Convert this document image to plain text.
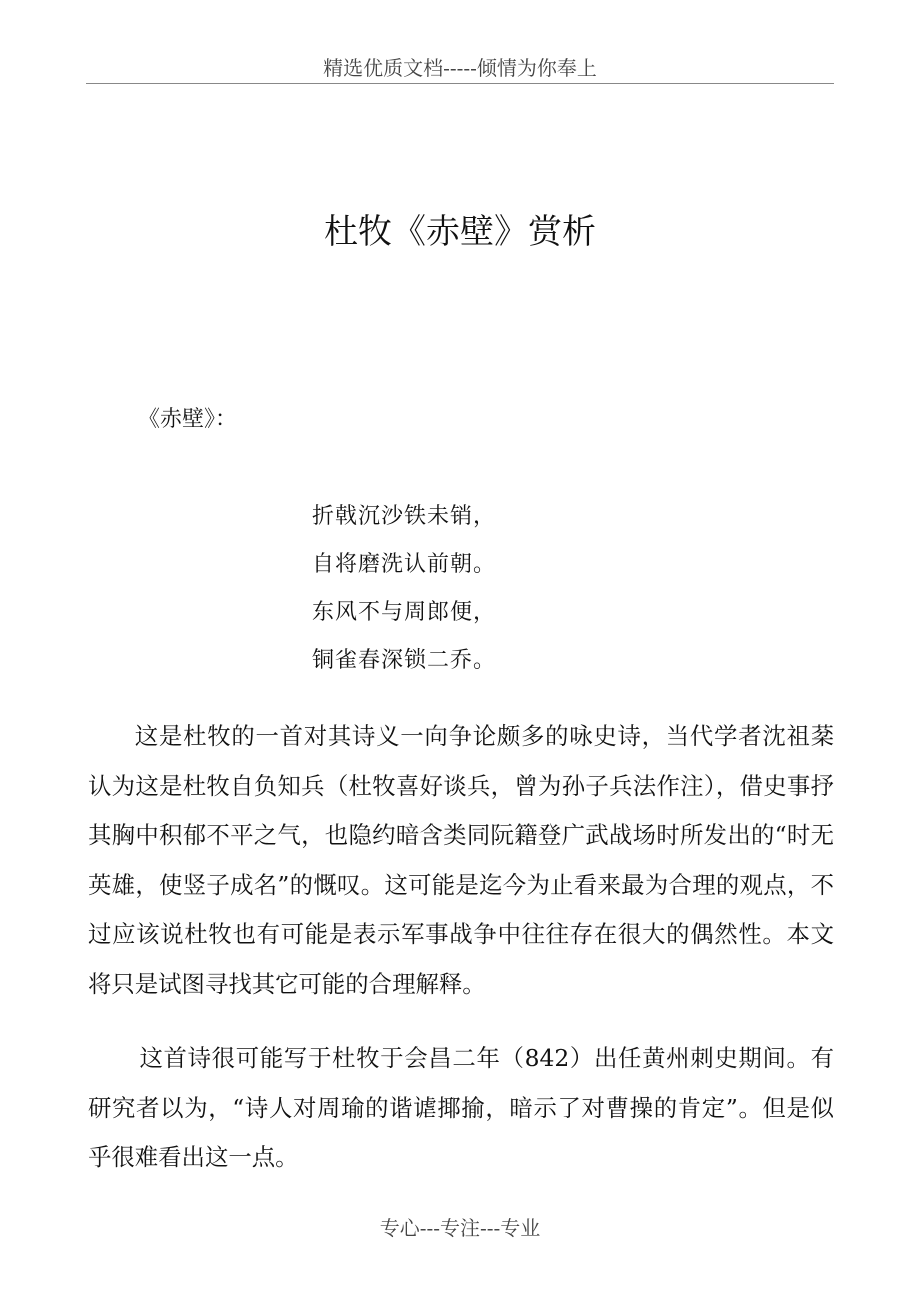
精选优质文档-----倾情为你奉上
杜牧《赤壁》赏析
《赤壁》：
折戟沉沙铁未销，
自将磨洗认前朝。
东风不与周郎便，
铜雀春深锁二乔。
这是杜牧的一首对其诗义一向争论颇多的咏史诗，当代学者沈祖棻认为这是杜牧自负知兵（杜牧喜好谈兵，曾为孙子兵法作注），借史事抒其胸中积郁不平之气，也隐约暗含类同阮籍登广武战场时所发出的“时无英雄，使竖子成名”的慨叹。这可能是迄今为止看来最为合理的观点，不过应该说杜牧也有可能是表示军事战争中往往存在很大的偶然性。本文将只是试图寻找其它可能的合理解释。
这首诗很可能写于杜牧于会昌二年（842）出任黄州刺史期间。有研究者以为，“诗人对周瑜的谐谑揶揄，暗示了对曹操的肯定”。但是似乎很难看出这一点。
专心---专注---专业
